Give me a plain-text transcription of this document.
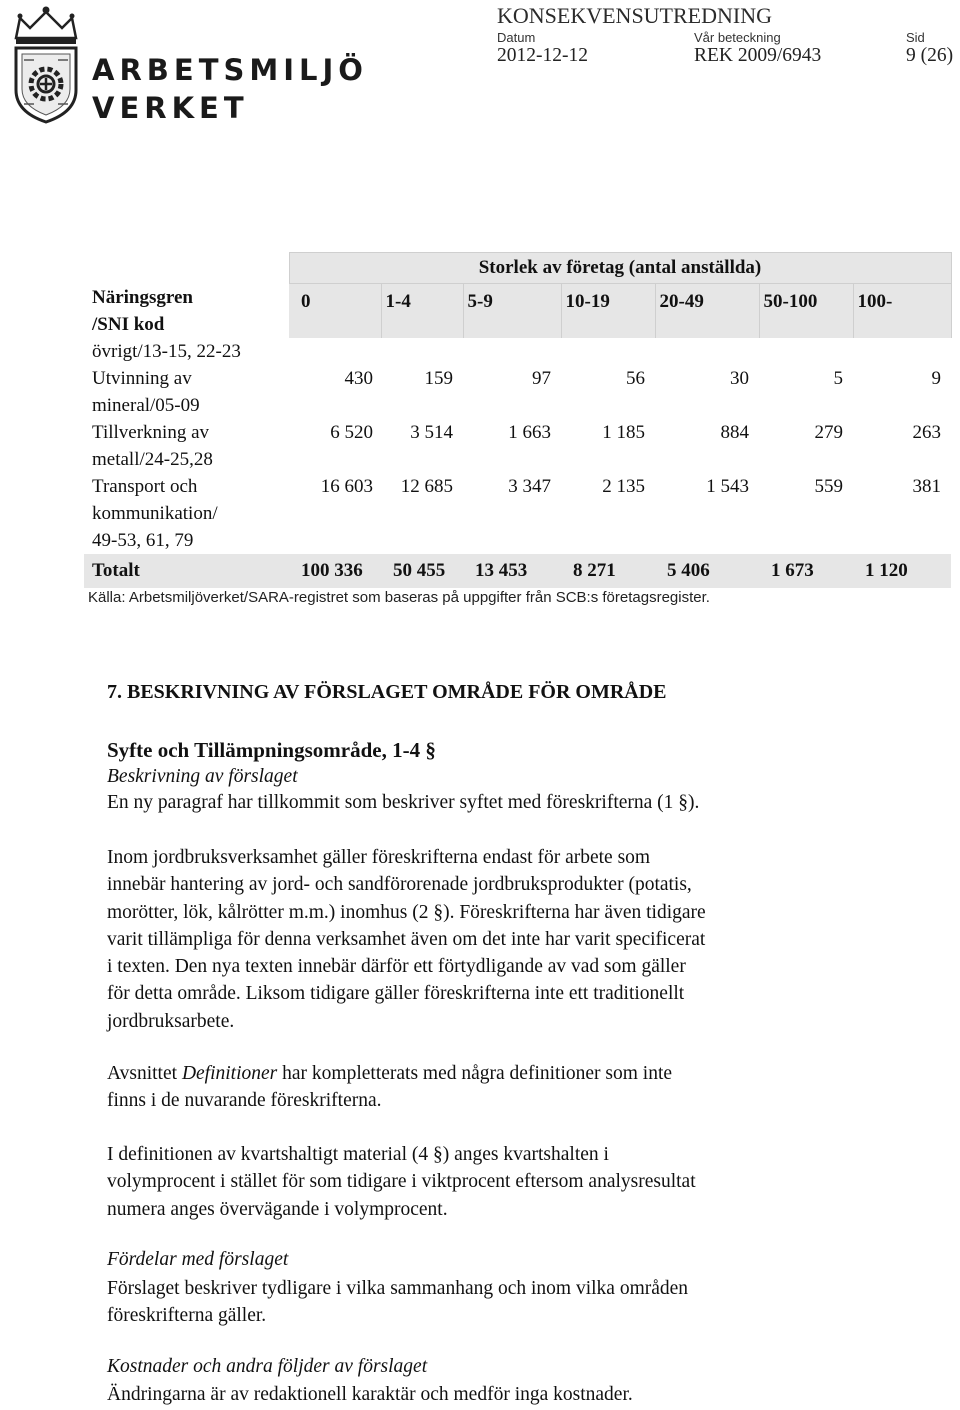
ARBETSMILJÖ
VERKET
KONSEKVENSUTREDNING
Datum
2012-12-12
Vår beteckning
REK 2009/6943
Sid
9 (26)
	Storlek av företag (antal anställda)						
Näringsgren
/SNI kod	0	1-4	5-9	10-19	20-49	50-100	100-

övrigt/13-15, 22-23							
Utvinning av
mineral/05-09	430	159	97	56	30	5	9
Tillverkning av
metall/24-25,28	6 520	3 514	1 663	1 185	884	279	263
Transport och
kommunikation/
49-53, 61, 79	16 603	12 685	3 347	2 135	1 543	559	381
Totalt	100 336	50 455	13 453	8 271	5 406	1 673	1 120
Källa: Arbetsmiljöverket/SARA-registret som baseras på uppgifter från SCB:s företagsregister.
7. BESKRIVNING AV FÖRSLAGET OMRÅDE FÖR OMRÅDE
Syfte och Tillämpningsområde, 1-4 §
Beskrivning av förslaget
En ny paragraf har tillkommit som beskriver syftet med föreskrifterna (1 §).
Inom jordbruksverksamhet gäller föreskrifterna endast för arbete som
innebär hantering av jord- och sandförorenade jordbruksprodukter (potatis,
morötter, lök, kålrötter m.m.) inomhus (2 §). Föreskrifterna har även tidigare
varit tillämpliga för denna verksamhet även om det inte har varit specificerat
i texten. Den nya texten innebär därför ett förtydligande av vad som gäller
för detta område. Liksom tidigare gäller föreskrifterna inte ett traditionellt
jordbruksarbete.
Avsnittet Definitioner har kompletterats med några definitioner som inte
finns i de nuvarande föreskrifterna.
I definitionen av kvartshaltigt material (4 §) anges kvartshalten i
volymprocent i stället för som tidigare i viktprocent eftersom analysresultat
numera anges övervägande i volymprocent.
Fördelar med förslaget
Förslaget beskriver tydligare i vilka sammanhang och inom vilka områden
föreskrifterna gäller.
Kostnader och andra följder av förslaget
Ändringarna är av redaktionell karaktär och medför inga kostnader.
